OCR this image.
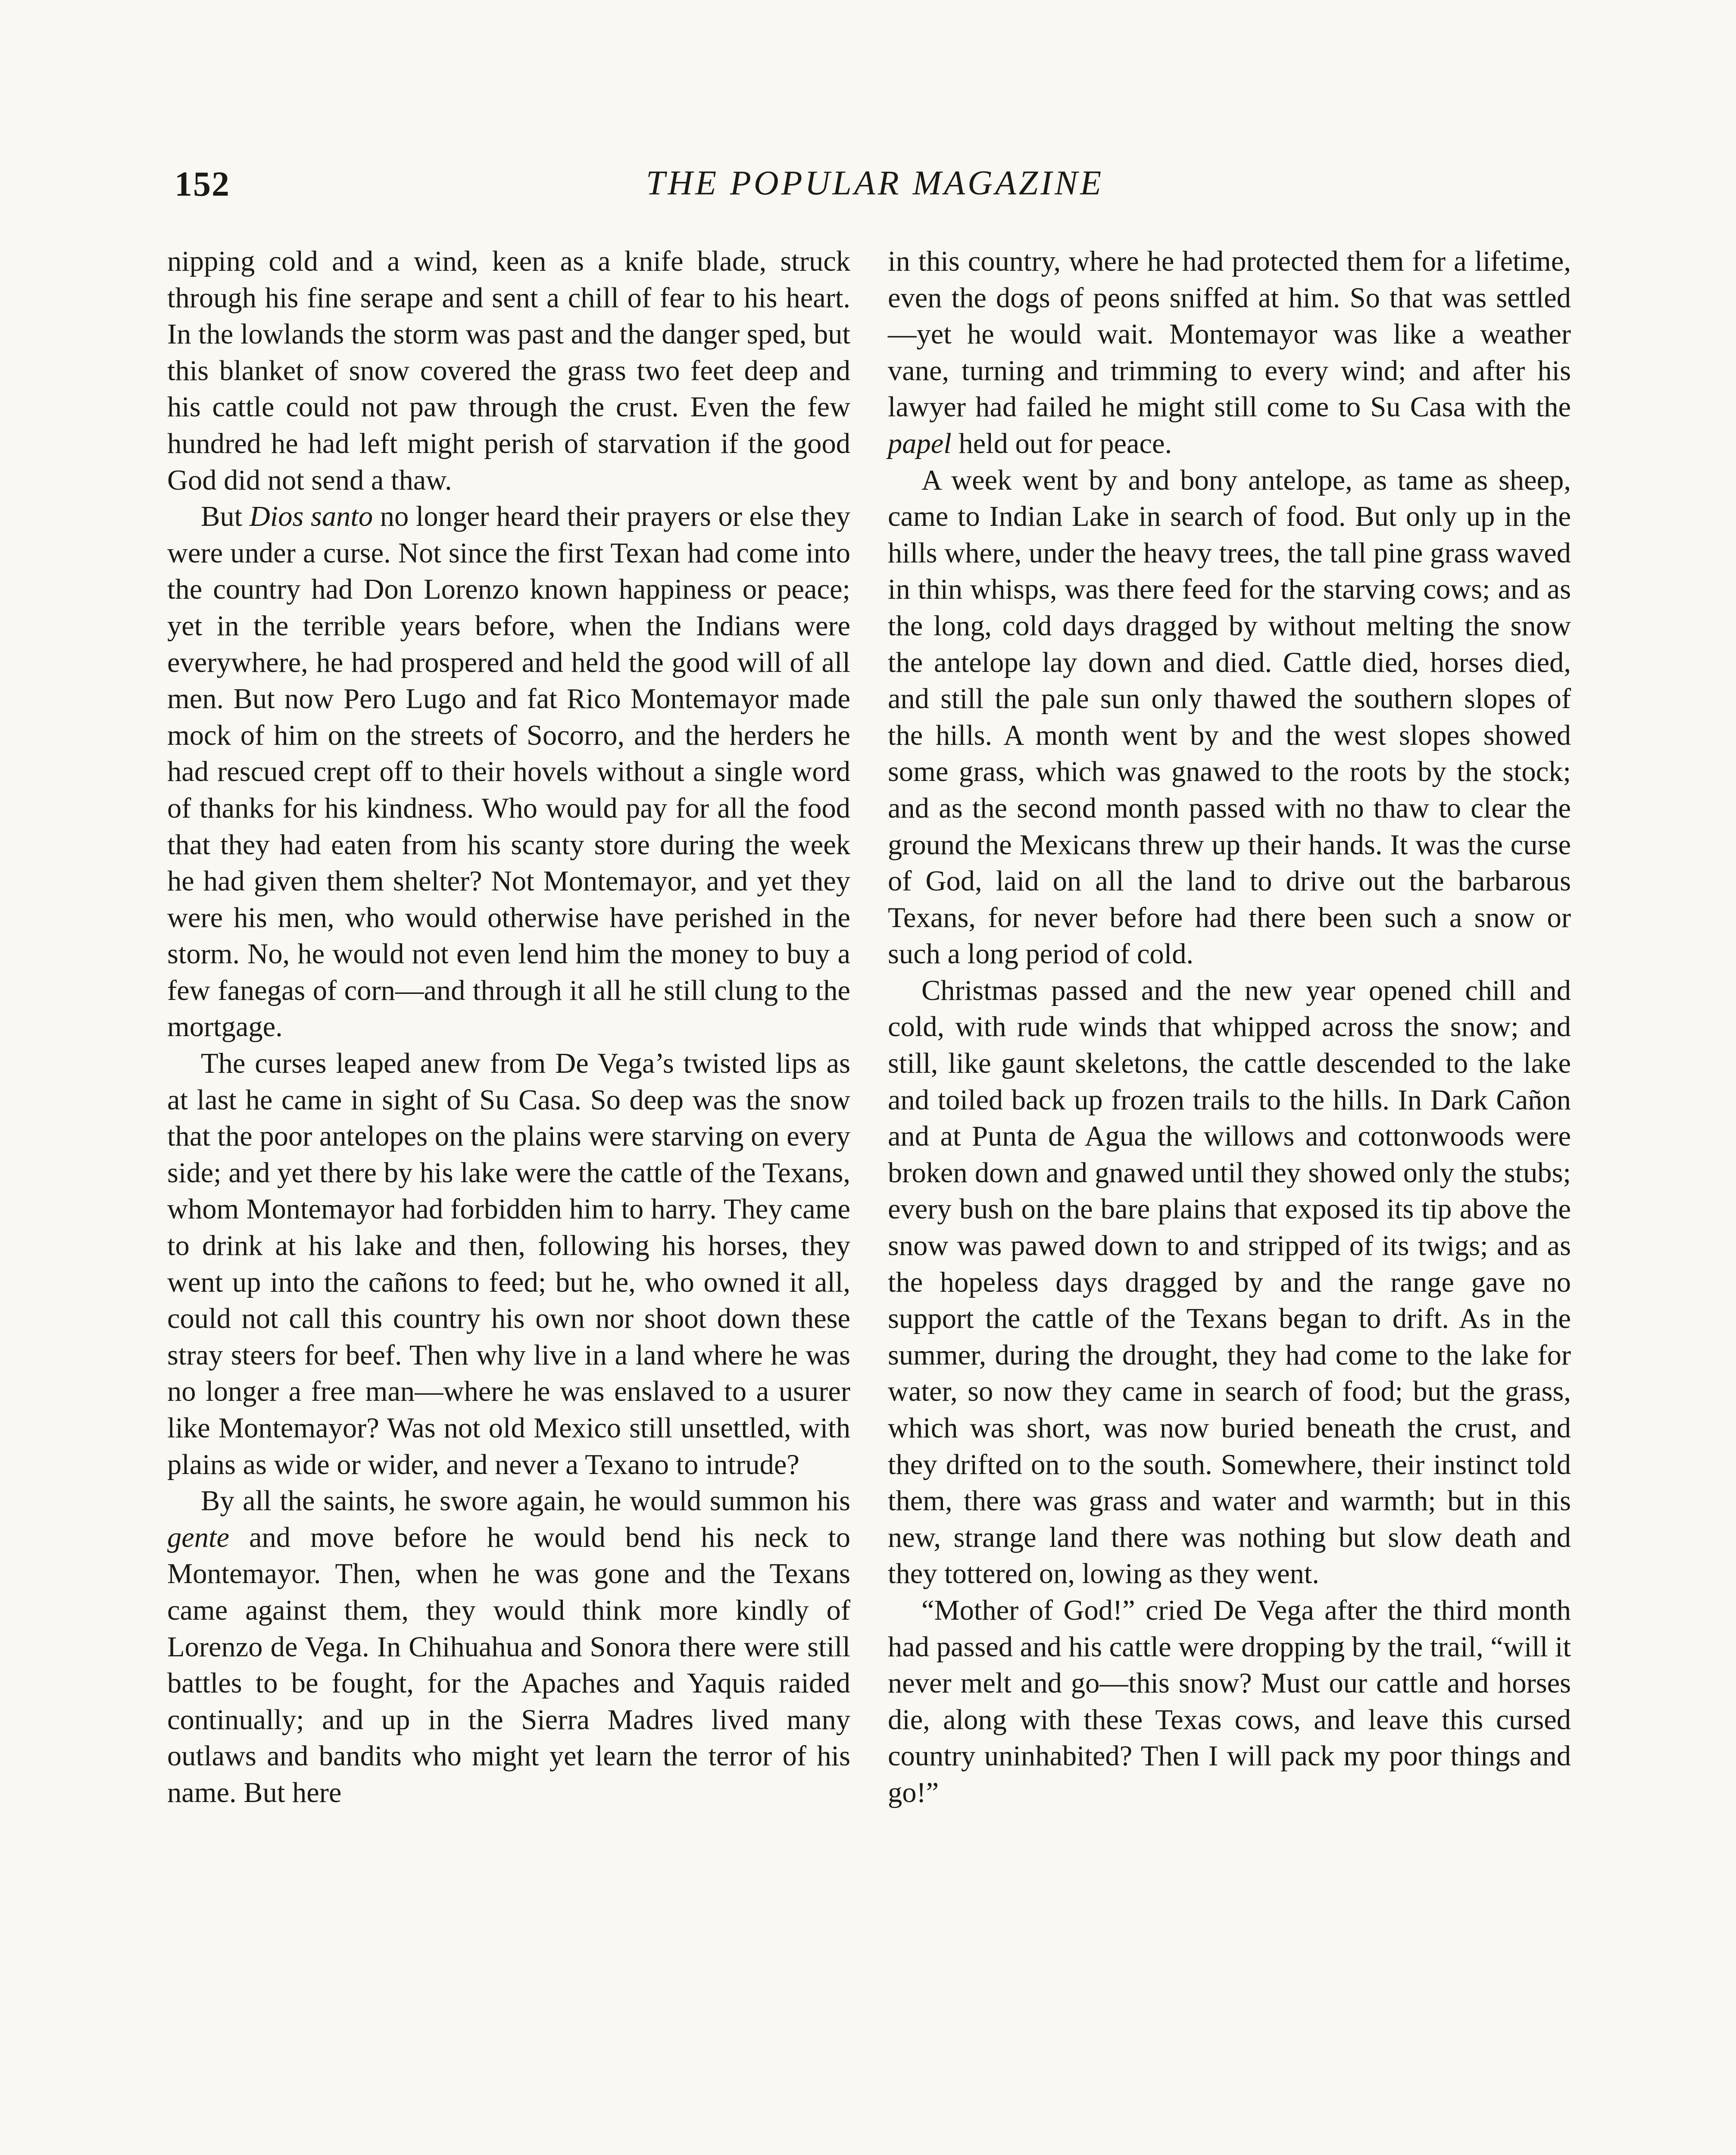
152	THE POPULAR MAGAZINE

nipping cold and a wind, keen as a knife blade, struck through his fine serape and sent a chill of fear to his heart. In the lowlands the storm was past and the danger sped, but this blanket of snow covered the grass two feet deep and his cattle could not paw through the crust. Even the few hundred he had left might perish of starvation if the good God did not send a thaw.

But Dios santo no longer heard their prayers or else they were under a curse. Not since the first Texan had come into the country had Don Lorenzo known happiness or peace; yet in the terrible years before, when the Indians were everywhere, he had prospered and held the good will of all men. But now Pero Lugo and fat Rico Montemayor made mock of him on the streets of Socorro, and the herders he had rescued crept off to their hovels without a single word of thanks for his kindness. Who would pay for all the food that they had eaten from his scanty store during the week he had given them shelter? Not Montemayor, and yet they were his men, who would otherwise have perished in the storm. No, he would not even lend him the money to buy a few fanegas of corn—and through it all he still clung to the mortgage.

The curses leaped anew from De Vega’s twisted lips as at last he came in sight of Su Casa. So deep was the snow that the poor antelopes on the plains were starving on every side; and yet there by his lake were the cattle of the Texans, whom Montemayor had forbidden him to harry. They came to drink at his lake and then, following his horses, they went up into the cañons to feed; but he, who owned it all, could not call this country his own nor shoot down these stray steers for beef. Then why live in a land where he was no longer a free man—where he was enslaved to a usurer like Montemayor? Was not old Mexico still unsettled, with plains as wide or wider, and never a Texano to intrude?

By all the saints, he swore again, he would summon his gente and move before he would bend his neck to Montemayor. Then, when he was gone and the Texans came against them, they would think more kindly of Lorenzo de Vega. In Chihuahua and Sonora there were still battles to be fought, for the Apaches and Yaquis raided continually; and up in the Sierra Madres lived many outlaws and bandits who might yet learn the terror of his name. But here

in this country, where he had protected them for a lifetime, even the dogs of peons sniffed at him. So that was settled—yet he would wait. Montemayor was like a weather vane, turning and trimming to every wind; and after his lawyer had failed he might still come to Su Casa with the papel held out for peace.

A week went by and bony antelope, as tame as sheep, came to Indian Lake in search of food. But only up in the hills where, under the heavy trees, the tall pine grass waved in thin whisps, was there feed for the starving cows; and as the long, cold days dragged by without melting the snow the antelope lay down and died. Cattle died, horses died, and still the pale sun only thawed the southern slopes of the hills. A month went by and the west slopes showed some grass, which was gnawed to the roots by the stock; and as the second month passed with no thaw to clear the ground the Mexicans threw up their hands. It was the curse of God, laid on all the land to drive out the barbarous Texans, for never before had there been such a snow or such a long period of cold.

Christmas passed and the new year opened chill and cold, with rude winds that whipped across the snow; and still, like gaunt skeletons, the cattle descended to the lake and toiled back up frozen trails to the hills. In Dark Cañon and at Punta de Agua the willows and cottonwoods were broken down and gnawed until they showed only the stubs; every bush on the bare plains that exposed its tip above the snow was pawed down to and stripped of its twigs; and as the hopeless days dragged by and the range gave no support the cattle of the Texans began to drift. As in the summer, during the drought, they had come to the lake for water, so now they came in search of food; but the grass, which was short, was now buried beneath the crust, and they drifted on to the south. Somewhere, their instinct told them, there was grass and water and warmth; but in this new, strange land there was nothing but slow death and they tottered on, lowing as they went.

“Mother of God!” cried De Vega after the third month had passed and his cattle were dropping by the trail, “will it never melt and go—this snow? Must our cattle and horses die, along with these Texas cows, and leave this cursed country uninhabited? Then I will pack my poor things and go!”
